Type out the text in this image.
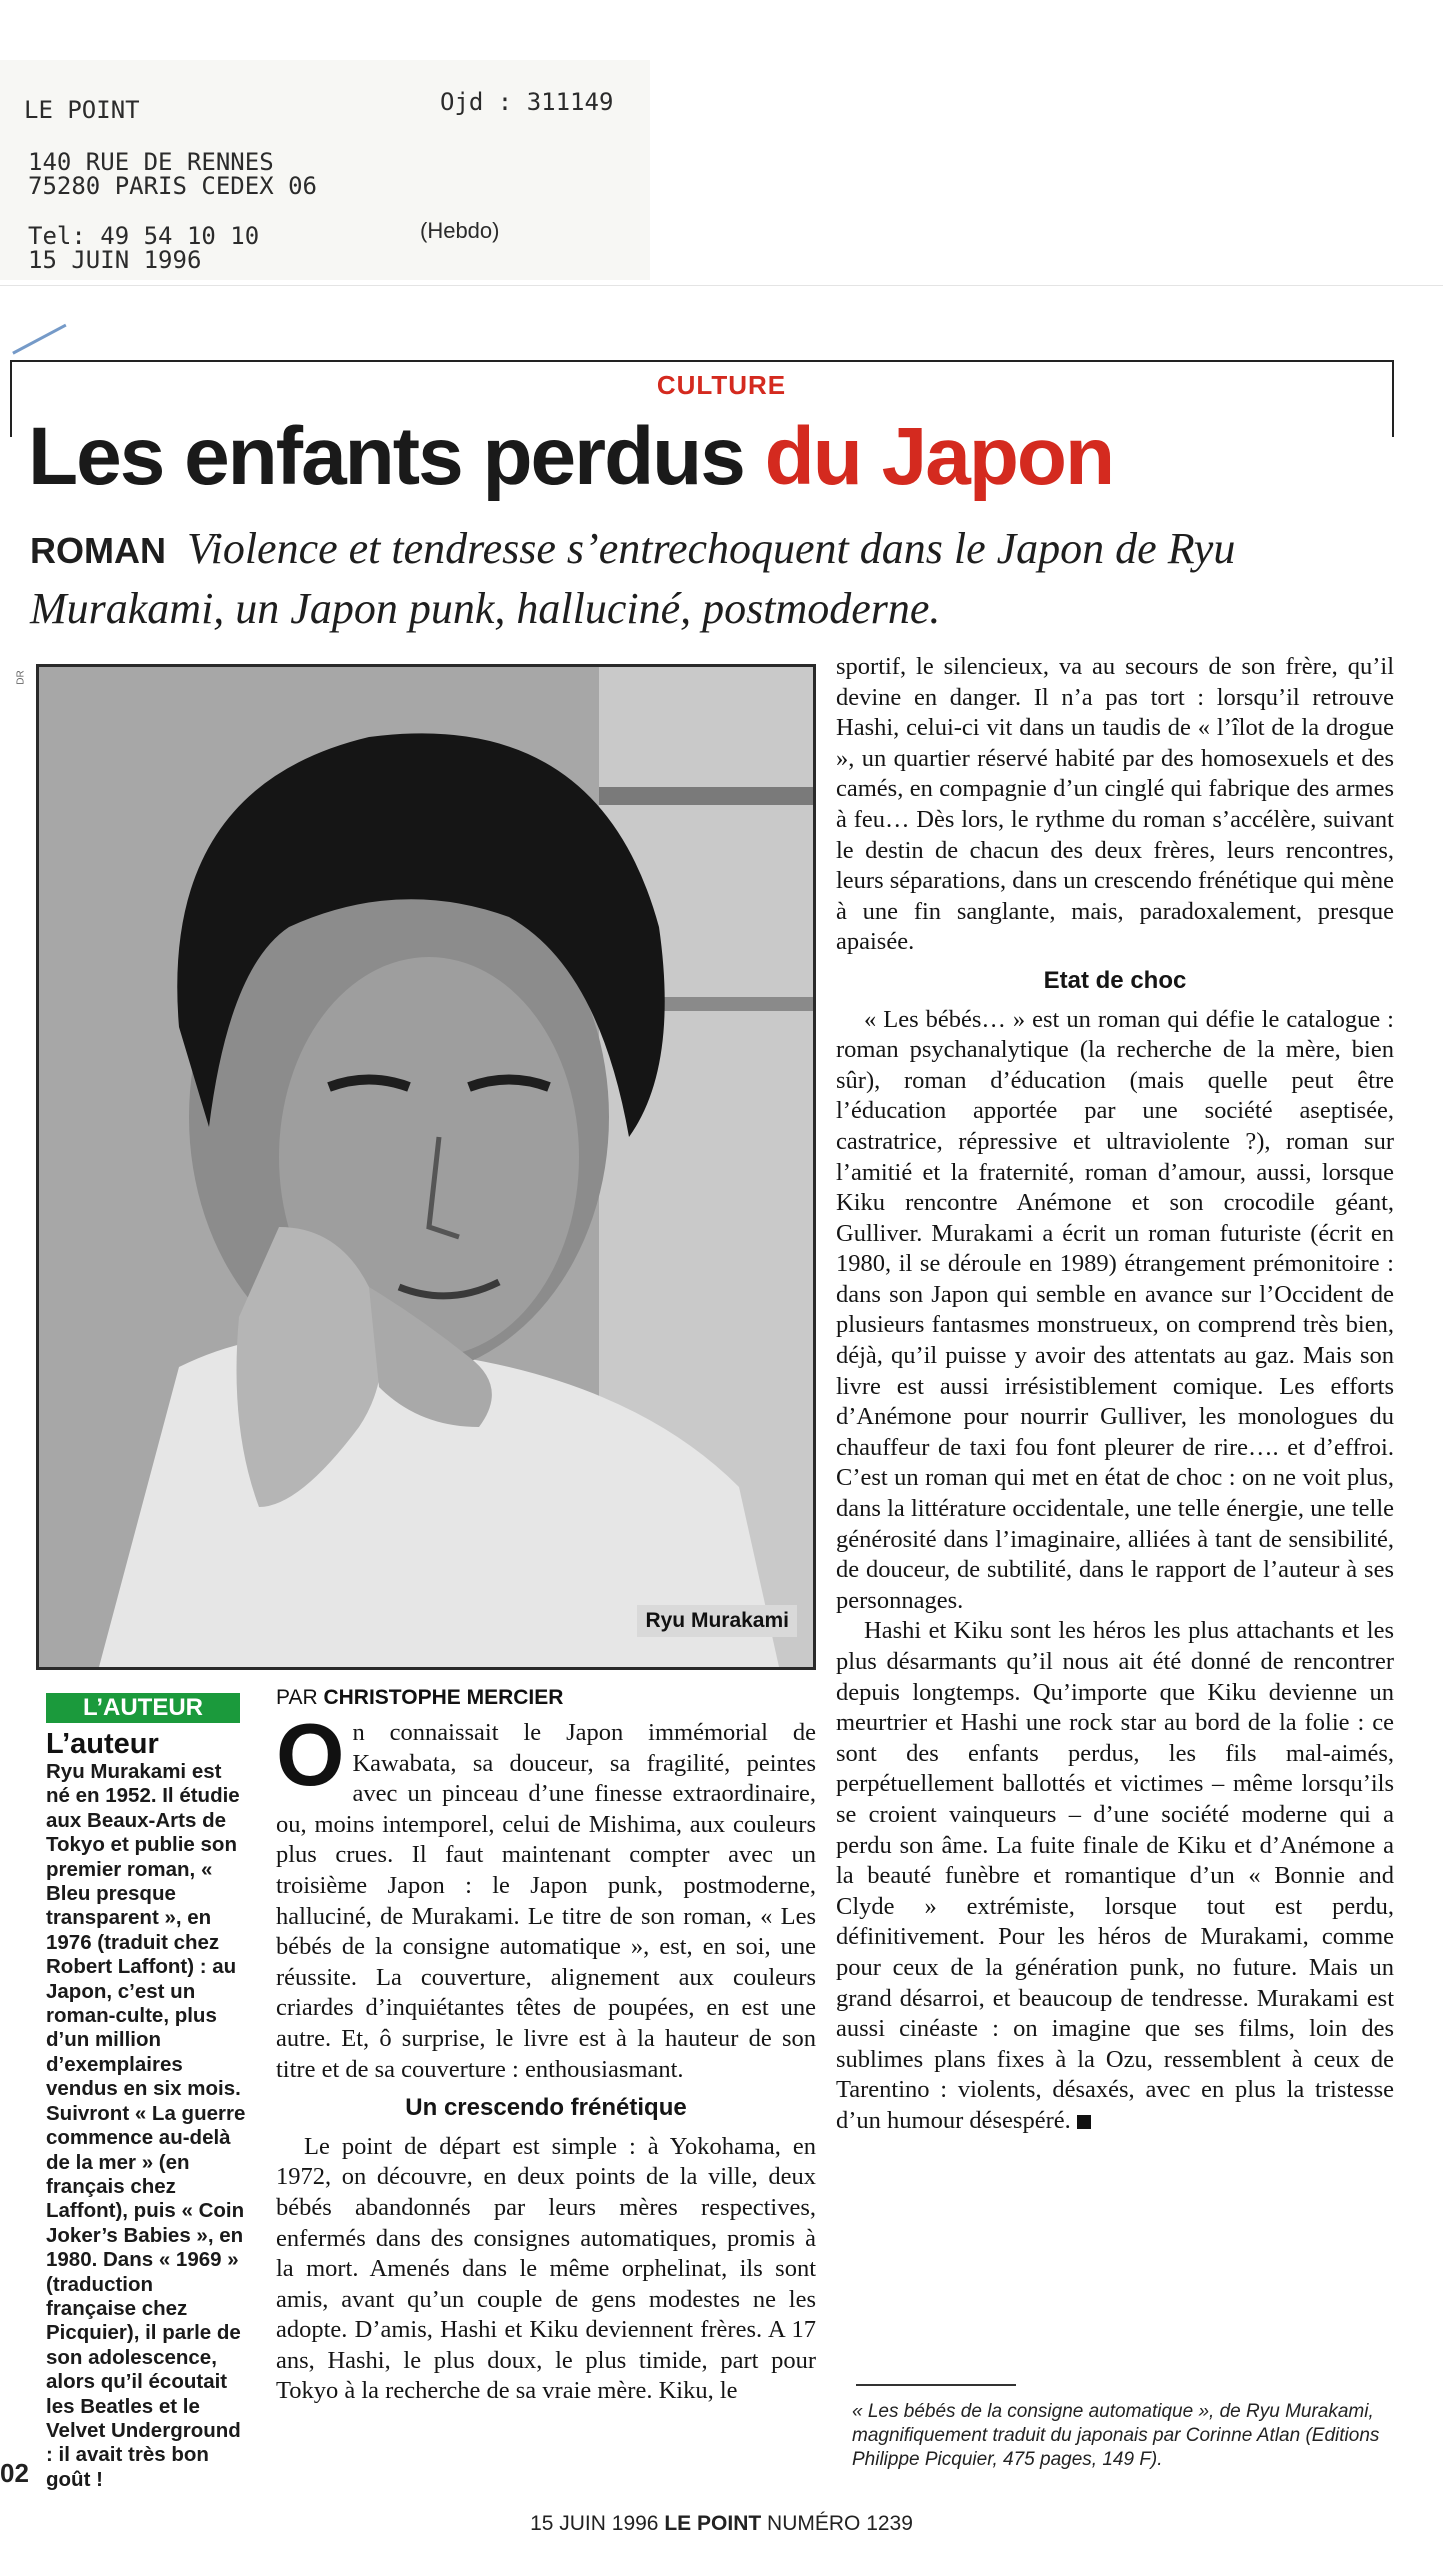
LE POINT	Ojd : 311149
140 RUE DE RENNES
75280 PARIS CEDEX 06
Tel: 49 54 10 10
15 JUIN 1996
(Hebdo)
CULTURE
Les enfants perdus du Japon
ROMAN Violence et tendresse s’entrechoquent dans le Japon de Ryu Murakami, un Japon punk, halluciné, postmoderne.
DR
Ryu Murakami
L’AUTEUR
L’auteur
Ryu Murakami est né en 1952. Il étudie aux Beaux-Arts de Tokyo et publie son premier roman, « Bleu presque transparent », en 1976 (traduit chez Robert Laffont) : au Japon, c’est un roman-culte, plus d’un million d’exemplaires vendus en six mois. Suivront « La guerre commence au-delà de la mer » (en français chez Laffont), puis « Coin Joker’s Babies », en 1980. Dans « 1969 » (traduction française chez Picquier), il parle de son adolescence, alors qu’il écoutait les Beatles et le Velvet Underground : il avait très bon goût !
PAR CHRISTOPHE MERCIER

On connaissait le Japon immémorial de Kawabata, sa douceur, sa fragilité, peintes avec un pinceau d’une finesse extraordinaire, ou, moins intemporel, celui de Mishima, aux couleurs plus crues. Il faut maintenant compter avec un troisième Japon : le Japon punk, postmoderne, halluciné, de Murakami. Le titre de son roman, « Les bébés de la consigne automatique », est, en soi, une réussite. La couverture, alignement aux couleurs criardes d’inquiétantes têtes de poupées, en est une autre. Et, ô surprise, le livre est à la hauteur de son titre et de sa couverture : enthousiasmant.

Un crescendo frénétique

Le point de départ est simple : à Yokohama, en 1972, on découvre, en deux points de la ville, deux bébés abandonnés par leurs mères respectives, enfermés dans des consignes automatiques, promis à la mort. Amenés dans le même orphelinat, ils sont amis, avant qu’un couple de gens modestes ne les adopte. D’amis, Hashi et Kiku deviennent frères. A 17 ans, Hashi, le plus doux, le plus timide, part pour Tokyo à la recherche de sa vraie mère. Kiku, le

sportif, le silencieux, va au secours de son frère, qu’il devine en danger. Il n’a pas tort : lorsqu’il retrouve Hashi, celui-ci vit dans un taudis de « l’îlot de la drogue », un quartier réservé habité par des homosexuels et des camés, en compagnie d’un cinglé qui fabrique des armes à feu… Dès lors, le rythme du roman s’accélère, suivant le destin de chacun des deux frères, leurs rencontres, leurs séparations, dans un crescendo frénétique qui mène à une fin sanglante, mais, paradoxalement, presque apaisée.

Etat de choc

« Les bébés… » est un roman qui défie le catalogue : roman psychanalytique (la recherche de la mère, bien sûr), roman d’éducation (mais quelle peut être l’éducation apportée par une société aseptisée, castratrice, répressive et ultraviolente ?), roman sur l’amitié et la fraternité, roman d’amour, aussi, lorsque Kiku rencontre Anémone et son crocodile géant, Gulliver. Murakami a écrit un roman futuriste (écrit en 1980, il se déroule en 1989) étrangement prémonitoire : dans son Japon qui semble en avance sur l’Occident de plusieurs fantasmes monstrueux, on comprend très bien, déjà, qu’il puisse y avoir des attentats au gaz. Mais son livre est aussi irrésistiblement comique. Les efforts d’Anémone pour nourrir Gulliver, les monologues du chauffeur de taxi fou font pleurer de rire…. et d’effroi. C’est un roman qui met en état de choc : on ne voit plus, dans la littérature occidentale, une telle énergie, une telle générosité dans l’imaginaire, alliées à tant de sensibilité, de douceur, de subtilité, dans le rapport de l’auteur à ses personnages.

Hashi et Kiku sont les héros les plus attachants et les plus désarmants qu’il nous ait été donné de rencontrer depuis longtemps. Qu’importe que Kiku devienne un meurtrier et Hashi une rock star au bord de la folie : ce sont des enfants perdus, les fils mal-aimés, perpétuellement ballottés et victimes – même lorsqu’ils se croient vainqueurs – d’une société moderne qui a perdu son âme. La fuite finale de Kiku et d’Anémone a la beauté funèbre et romantique d’un « Bonnie and Clyde » extrémiste, lorsque tout est perdu, définitivement. Pour les héros de Murakami, comme pour ceux de la génération punk, no future. Mais un grand désarroi, et beaucoup de tendresse. Murakami est aussi cinéaste : on imagine que ses films, loin des sublimes plans fixes à la Ozu, ressemblent à ceux de Tarentino : violents, désaxés, avec en plus la tristesse d’un humour désespéré.

« Les bébés de la consigne automatique », de Ryu Murakami, magnifiquement traduit du japonais par Corinne Atlan (Editions Philippe Picquier, 475 pages, 149 F).
02
15 JUIN 1996 LE POINT NUMÉRO 1239
